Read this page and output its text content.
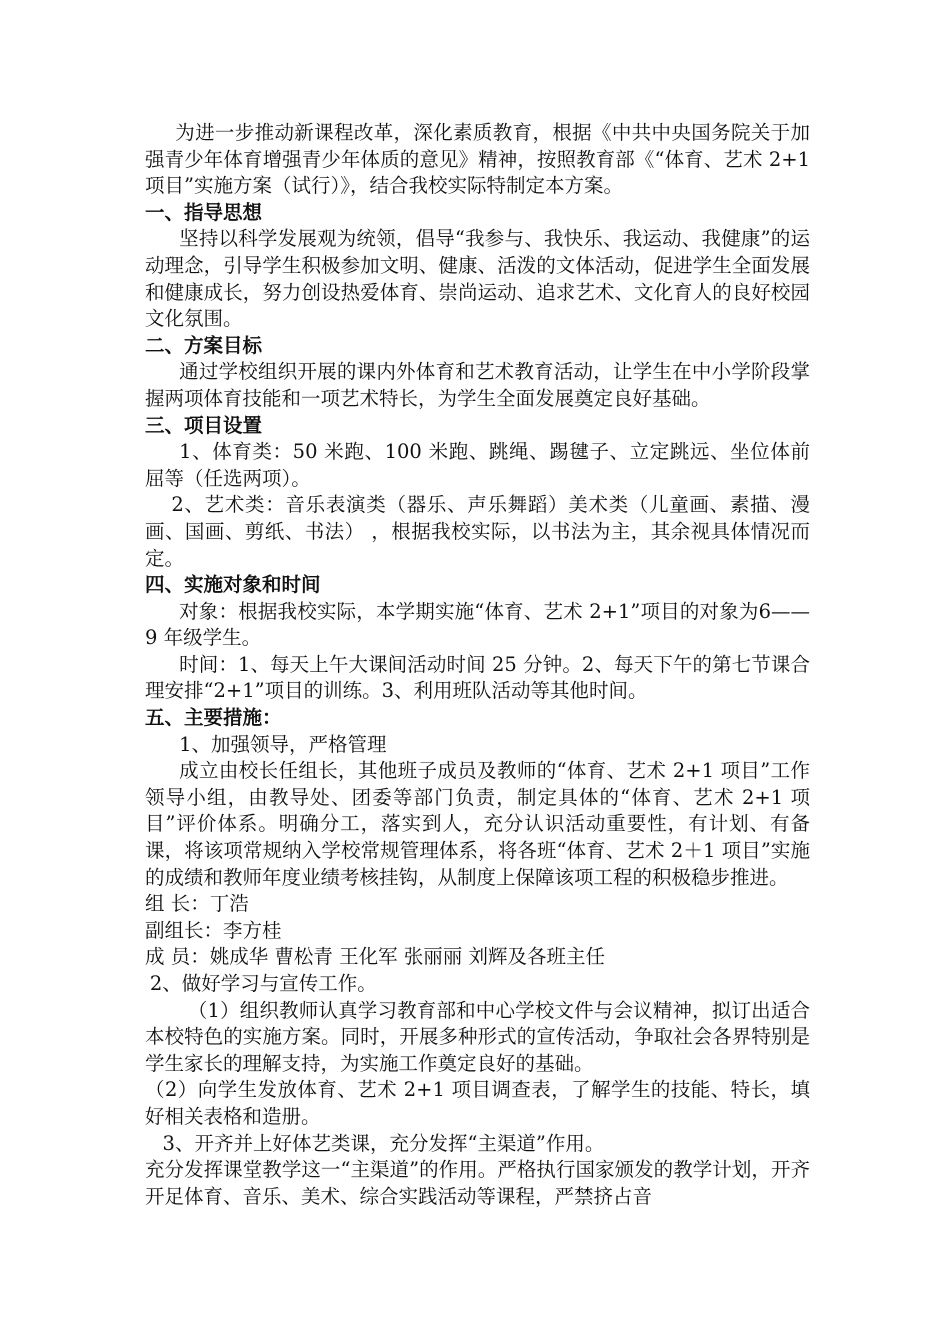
为进一步推动新课程改革，深化素质教育，根据《中共中央国务院关于加强青少年体育增强青少年体质的意见》精神，按照教育部《“体育、艺术 2+1 项目”实施方案（试行）》，结合我校实际特制定本方案。

一、指导思想

坚持以科学发展观为统领，倡导“我参与、我快乐、我运动、我健康”的运动理念，引导学生积极参加文明、健康、活泼的文体活动，促进学生全面发展和健康成长，努力创设热爱体育、崇尚运动、追求艺术、文化育人的良好校园文化氛围。

二、方案目标

通过学校组织开展的课内外体育和艺术教育活动，让学生在中小学阶段掌握两项体育技能和一项艺术特长，为学生全面发展奠定良好基础。

三、项目设置

1、体育类：50 米跑、100 米跑、跳绳、踢毽子、立定跳远、坐位体前屈等（任选两项）。

2、艺术类：音乐表演类（器乐、声乐舞蹈）美术类（儿童画、素描、漫画、国画、剪纸、书法） ，根据我校实际，以书法为主，其余视具体情况而定。

四、实施对象和时间

对象：根据我校实际，本学期实施“体育、艺术 2+1”项目的对象为6——9 年级学生。

时间：1、每天上午大课间活动时间 25 分钟。2、每天下午的第七节课合理安排“2+1”项目的训练。3、利用班队活动等其他时间。

五、主要措施：

1、加强领导，严格管理

成立由校长任组长，其他班子成员及教师的“体育、艺术 2+1 项目”工作领导小组，由教导处、团委等部门负责，制定具体的“体育、艺术 2+1 项目”评价体系。明确分工，落实到人，充分认识活动重要性，有计划、有备课，将该项常规纳入学校常规管理体系，将各班“体育、艺术 2＋1 项目”实施的成绩和教师年度业绩考核挂钩，从制度上保障该项工程的积极稳步推进。

组 长：丁浩

副组长：李方桂

成 员：姚成华 曹松青 王化军 张丽丽 刘辉及各班主任

2、做好学习与宣传工作。

（1）组织教师认真学习教育部和中心学校文件与会议精神，拟订出适合本校特色的实施方案。同时，开展多种形式的宣传活动，争取社会各界特别是学生家长的理解支持，为实施工作奠定良好的基础。

（2）向学生发放体育、艺术 2+1 项目调查表，了解学生的技能、特长，填好相关表格和造册。

3、开齐并上好体艺类课，充分发挥“主渠道”作用。

充分发挥课堂教学这一“主渠道”的作用。严格执行国家颁发的教学计划，开齐开足体育、音乐、美术、综合实践活动等课程，严禁挤占音
